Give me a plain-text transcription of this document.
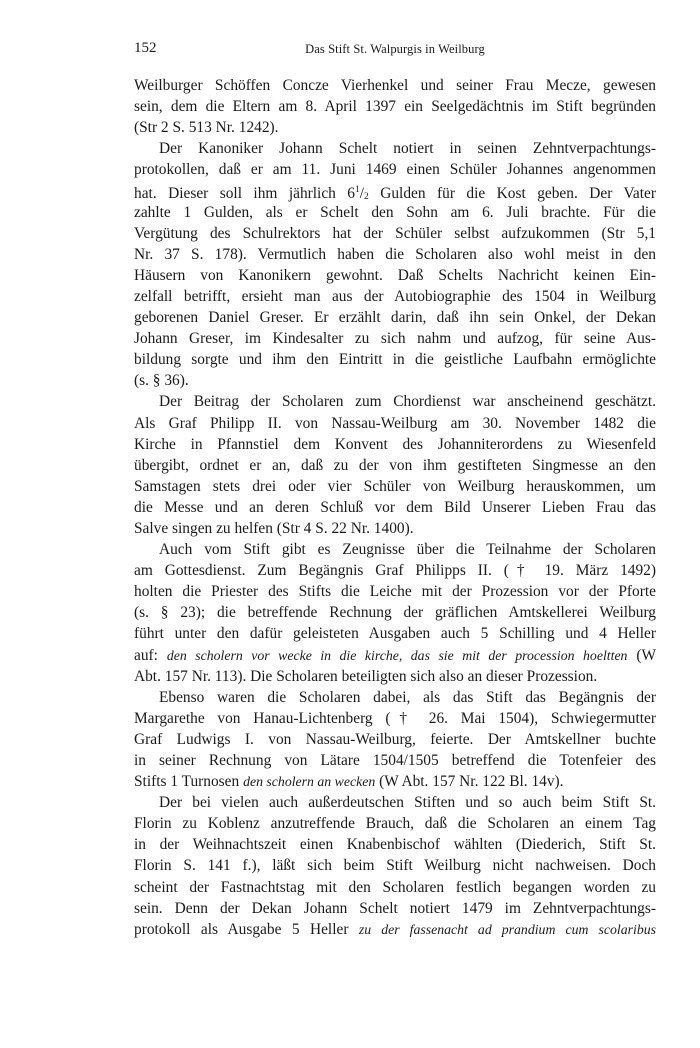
152	Das Stift St. Walpurgis in Weilburg
Weilburger Schöffen Concze Vierhenkel und seiner Frau Mecze, gewesen
sein, dem die Eltern am 8. April 1397 ein Seelgedächtnis im Stift begründen
(Str 2 S. 513 Nr. 1242).
Der Kanoniker Johann Schelt notiert in seinen Zehntverpachtungs-
protokollen, daß er am 11. Juni 1469 einen Schüler Johannes angenommen
hat. Dieser soll ihm jährlich $6^1/_2$ Gulden für die Kost geben. Der Vater
zahlte 1 Gulden, als er Schelt den Sohn am 6. Juli brachte. Für die
Vergütung des Schulrektors hat der Schüler selbst aufzukommen (Str 5,1
Nr. 37 S. 178). Vermutlich haben die Scholaren also wohl meist in den
Häusern von Kanonikern gewohnt. Daß Schelts Nachricht keinen Ein-
zelfall betrifft, ersieht man aus der Autobiographie des 1504 in Weilburg
geborenen Daniel Greser. Er erzählt darin, daß ihn sein Onkel, der Dekan
Johann Greser, im Kindesalter zu sich nahm und aufzog, für seine Aus-
bildung sorgte und ihm den Eintritt in die geistliche Laufbahn ermöglichte
(s. § 36).
Der Beitrag der Scholaren zum Chordienst war anscheinend geschätzt.
Als Graf Philipp II. von Nassau-Weilburg am 30. November 1482 die
Kirche in Pfannstiel dem Konvent des Johanniterordens zu Wiesenfeld
übergibt, ordnet er an, daß zu der von ihm gestifteten Singmesse an den
Samstagen stets drei oder vier Schüler von Weilburg herauskommen, um
die Messe und an deren Schluß vor dem Bild Unserer Lieben Frau das
Salve singen zu helfen (Str 4 S. 22 Nr. 1400).
Auch vom Stift gibt es Zeugnisse über die Teilnahme der Scholaren
am Gottesdienst. Zum Begängnis Graf Philipps II. († 19. März 1492)
holten die Priester des Stifts die Leiche mit der Prozession vor der Pforte
(s. § 23); die betreffende Rechnung der gräflichen Amtskellerei Weilburg
führt unter den dafür geleisteten Ausgaben auch 5 Schilling und 4 Heller
auf: den scholern vor wecke in die kirche, das sie mit der procession hoeltten (W
Abt. 157 Nr. 113). Die Scholaren beteiligten sich also an dieser Prozession.
Ebenso waren die Scholaren dabei, als das Stift das Begängnis der
Margarethe von Hanau-Lichtenberg († 26. Mai 1504), Schwiegermutter
Graf Ludwigs I. von Nassau-Weilburg, feierte. Der Amtskellner buchte
in seiner Rechnung von Lätare 1504/1505 betreffend die Totenfeier des
Stifts 1 Turnosen den scholern an wecken (W Abt. 157 Nr. 122 Bl. 14v).
Der bei vielen auch außerdeutschen Stiften und so auch beim Stift St.
Florin zu Koblenz anzutreffende Brauch, daß die Scholaren an einem Tag
in der Weihnachtszeit einen Knabenbischof wählten (Diederich, Stift St.
Florin S. 141 f.), läßt sich beim Stift Weilburg nicht nachweisen. Doch
scheint der Fastnachtstag mit den Scholaren festlich begangen worden zu
sein. Denn der Dekan Johann Schelt notiert 1479 im Zehntverpachtungs-
protokoll als Ausgabe 5 Heller zu der fassenacht ad prandium cum scolaribus
